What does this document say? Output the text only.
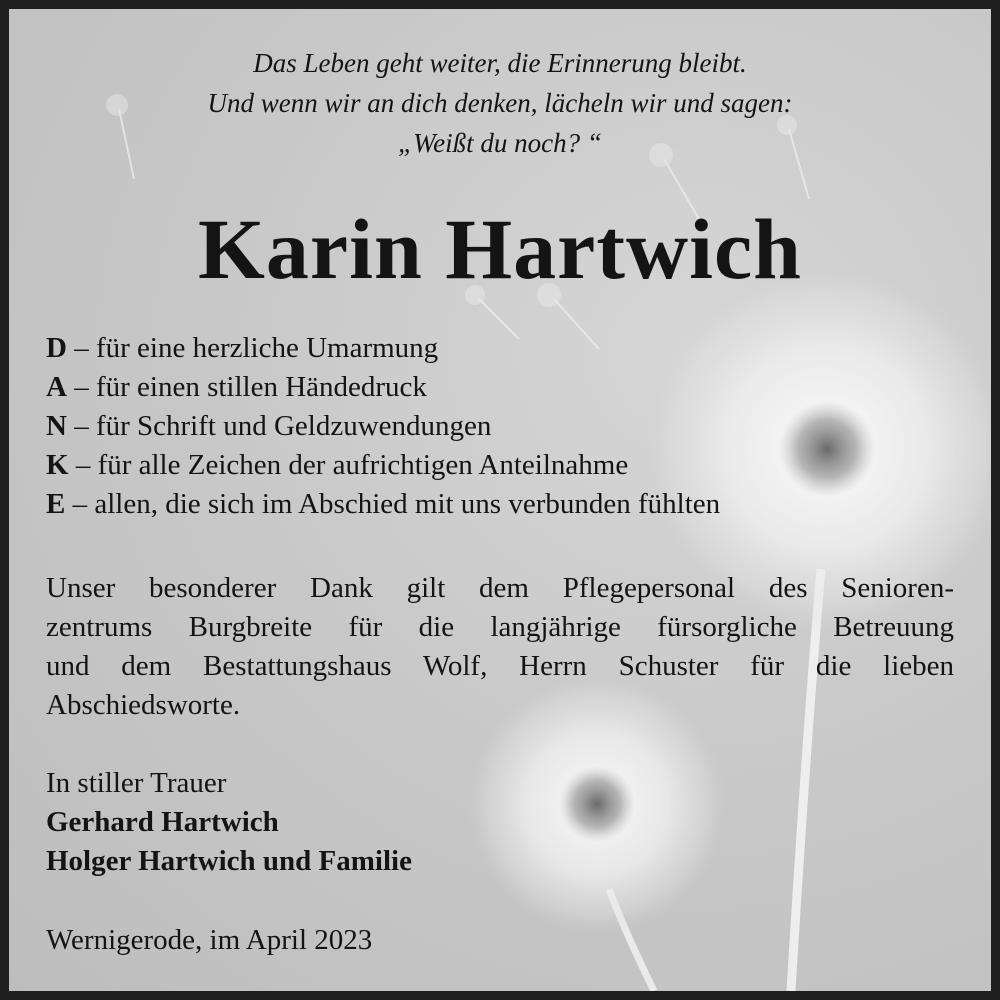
Das Leben geht weiter, die Erinnerung bleibt.
Und wenn wir an dich denken, lächeln wir und sagen:
„Weißt du noch? “
Karin Hartwich
D – für eine herzliche Umarmung
A – für einen stillen Händedruck
N – für Schrift und Geldzuwendungen
K – für alle Zeichen der aufrichtigen Anteilnahme
E – allen, die sich im Abschied mit uns verbunden fühlten
Unser besonderer Dank gilt dem Pflegepersonal des Senioren-
zentrums Burgbreite für die langjährige fürsorgliche Betreuung
und dem Bestattungshaus Wolf, Herrn Schuster für die lieben
Abschiedsworte.
In stiller Trauer
Gerhard Hartwich
Holger Hartwich und Familie
Wernigerode, im April 2023
